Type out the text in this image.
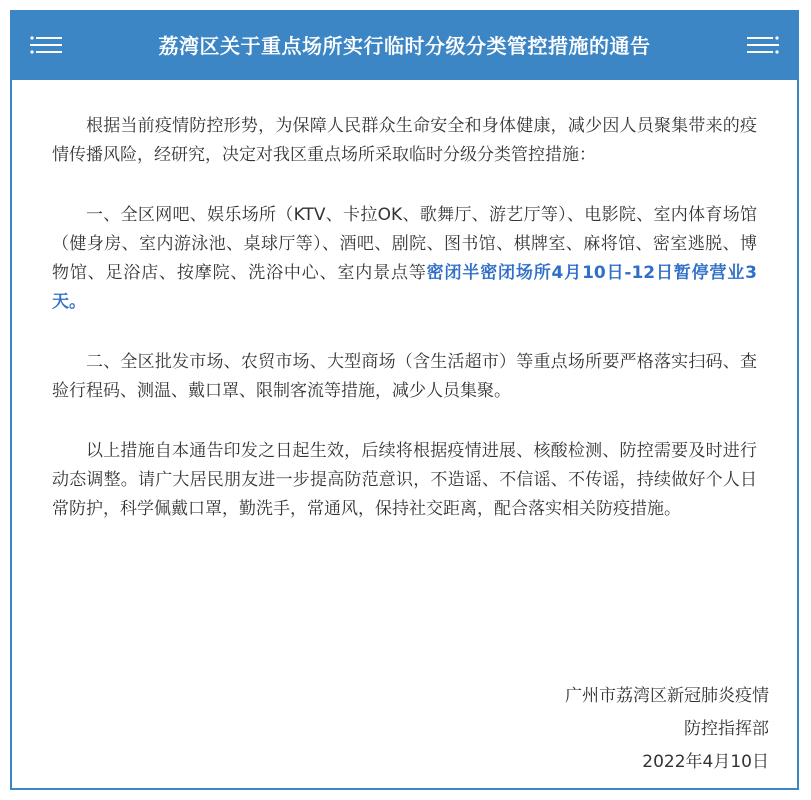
荔湾区关于重点场所实行临时分级分类管控措施的通告

根据当前疫情防控形势，为保障人民群众生命安全和身体健康，减少因人员聚集带来的疫情传播风险，经研究，决定对我区重点场所采取临时分级分类管控措施：

一、全区网吧、娱乐场所（KTV、卡拉OK、歌舞厅、游艺厅等）、电影院、室内体育场馆（健身房、室内游泳池、桌球厅等）、酒吧、剧院、图书馆、棋牌室、麻将馆、密室逃脱、博物馆、足浴店、按摩院、洗浴中心、室内景点等密闭半密闭场所4月10日-12日暂停营业3天。

二、全区批发市场、农贸市场、大型商场（含生活超市）等重点场所要严格落实扫码、查验行程码、测温、戴口罩、限制客流等措施，减少人员集聚。

以上措施自本通告印发之日起生效，后续将根据疫情进展、核酸检测、防控需要及时进行动态调整。请广大居民朋友进一步提高防范意识，不造谣、不信谣、不传谣，持续做好个人日常防护，科学佩戴口罩，勤洗手，常通风，保持社交距离，配合落实相关防疫措施。

广州市荔湾区新冠肺炎疫情
防控指挥部
2022年4月10日
